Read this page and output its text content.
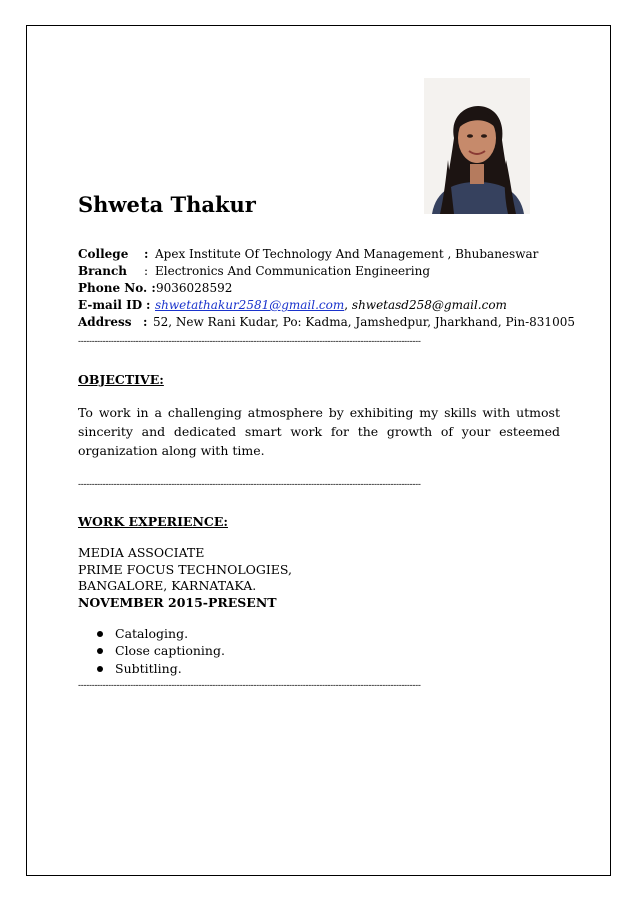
Shweta Thakur
College : Apex Institute Of Technology And Management , Bhubaneswar
Branch : Electronics And Communication Engineering
Phone No. : 9036028592
E-mail ID : shwetathakur2581@gmail.com, shwetasd258@gmail.com
Address : 52, New Rani Kudar, Po: Kadma, Jamshedpur, Jharkhand, Pin-831005
-----------------------------------------------------------------------------------------------------------------------------
OBJECTIVE:
To work in a challenging atmosphere by exhibiting my skills with utmost sincerity and dedicated smart work for the growth of your esteemed organization along with time.
-----------------------------------------------------------------------------------------------------------------------------
WORK EXPERIENCE:
MEDIA ASSOCIATE
PRIME FOCUS TECHNOLOGIES,
BANGALORE, KARNATAKA.
NOVEMBER 2015-PRESENT
Cataloging.
Close captioning.
Subtitling.
-----------------------------------------------------------------------------------------------------------------------------
